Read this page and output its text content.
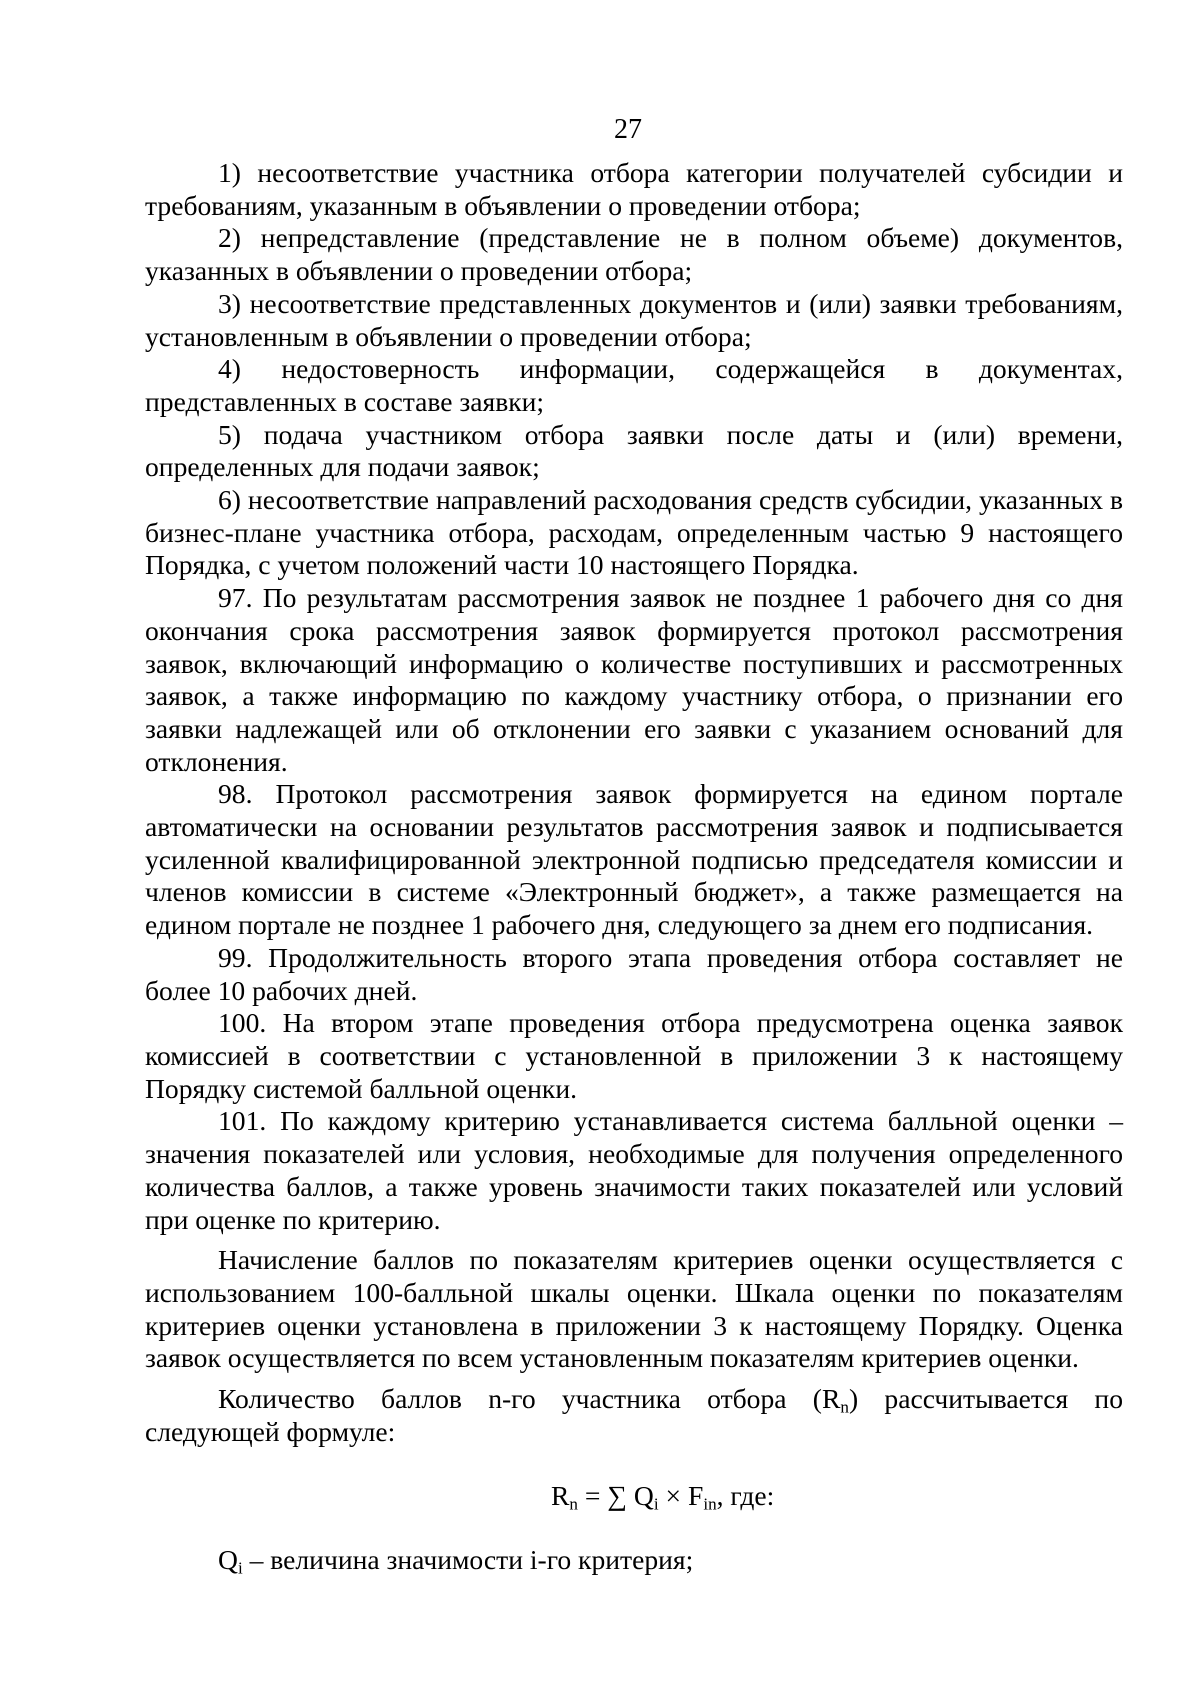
27

1) несоответствие участника отбора категории получателей субсидии и требованиям, указанным в объявлении о проведении отбора;

2) непредставление (представление не в полном объеме) документов, указанных в объявлении о проведении отбора;

3) несоответствие представленных документов и (или) заявки требованиям, установленным в объявлении о проведении отбора;

4) недостоверность информации, содержащейся в документах, представленных в составе заявки;

5) подача участником отбора заявки после даты и (или) времени, определенных для подачи заявок;

6) несоответствие направлений расходования средств субсидии, указанных в бизнес-плане участника отбора, расходам, определенным частью 9 настоящего Порядка, с учетом положений части 10 настоящего Порядка.

97. По результатам рассмотрения заявок не позднее 1 рабочего дня со дня окончания срока рассмотрения заявок формируется протокол рассмотрения заявок, включающий информацию о количестве поступивших и рассмотренных заявок, а также информацию по каждому участнику отбора, о признании его заявки надлежащей или об отклонении его заявки с указанием оснований для отклонения.

98. Протокол рассмотрения заявок формируется на едином портале автоматически на основании результатов рассмотрения заявок и подписывается усиленной квалифицированной электронной подписью председателя комиссии и членов комиссии в системе «Электронный бюджет», а также размещается на едином портале не позднее 1 рабочего дня, следующего за днем его подписания.

99. Продолжительность второго этапа проведения отбора составляет не более 10 рабочих дней.

100. На втором этапе проведения отбора предусмотрена оценка заявок комиссией в соответствии с установленной в приложении 3 к настоящему Порядку системой балльной оценки.

101. По каждому критерию устанавливается система балльной оценки – значения показателей или условия, необходимые для получения определенного количества баллов, а также уровень значимости таких показателей или условий при оценке по критерию.

Начисление баллов по показателям критериев оценки осуществляется с использованием 100-балльной шкалы оценки. Шкала оценки по показателям критериев оценки установлена в приложении 3 к настоящему Порядку. Оценка заявок осуществляется по всем установленным показателям критериев оценки.

Количество баллов n-го участника отбора $(R_n)$ рассчитывается по следующей формуле:

$R_n$ = ∑ $Q_i \times F_{in}$, где:

$Q_i$ – величина значимости i-го критерия;
